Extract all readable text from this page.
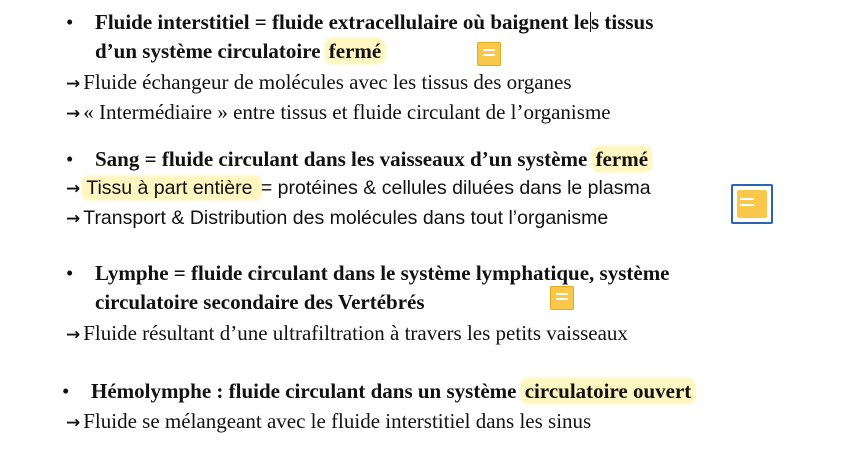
• Fluide interstitiel = fluide extracellulaire où baignent les tissus
d’un système circulatoire fermé
→ Fluide échangeur de molécules avec les tissus des organes
→ « Intermédiaire » entre tissus et fluide circulant de l’organisme
• Sang = fluide circulant dans les vaisseaux d’un système fermé
→ Tissu à part entière = protéines & cellules diluées dans le plasma
→ Transport & Distribution des molécules dans tout l’organisme
• Lymphe = fluide circulant dans le système lymphatique, système
circulatoire secondaire des Vertébrés
→ Fluide résultant d’une ultrafiltration à travers les petits vaisseaux
• Hémolymphe : fluide circulant dans un système circulatoire ouvert
→ Fluide se mélangeant avec le fluide interstitiel dans les sinus
